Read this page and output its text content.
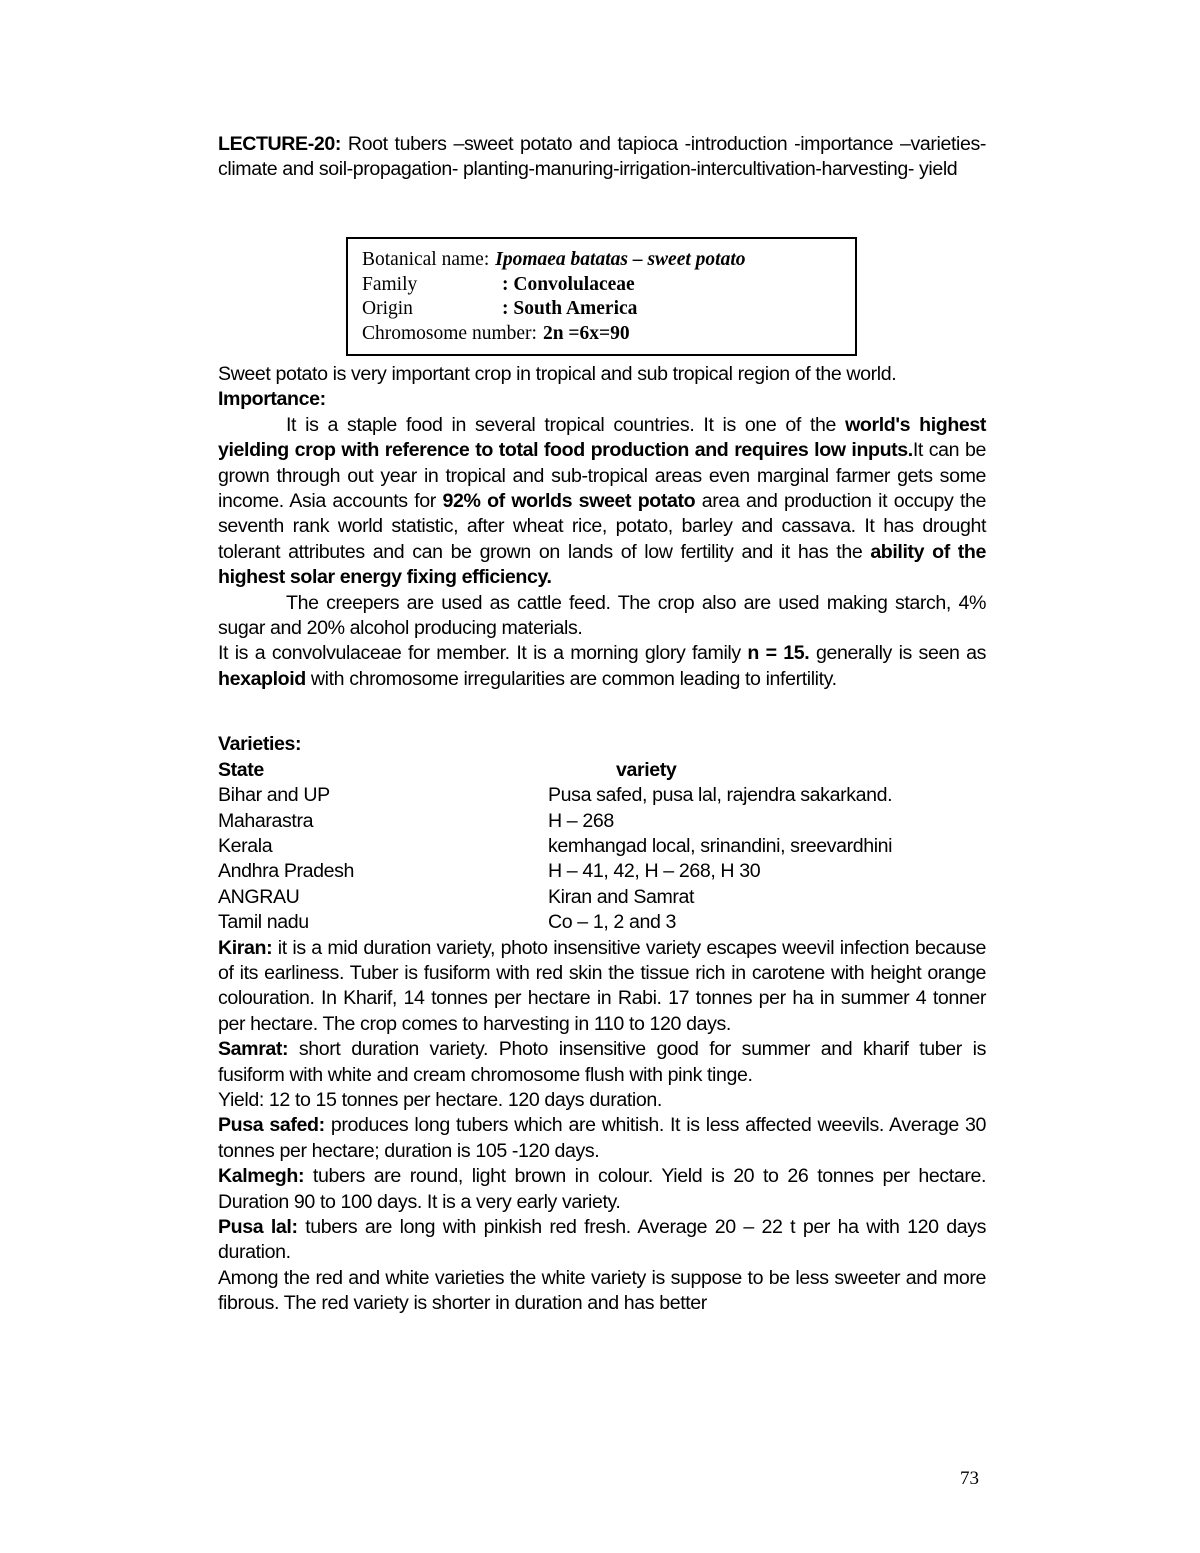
LECTURE-20: Root tubers –sweet potato and tapioca -introduction -importance –varieties-climate and soil-propagation- planting-manuring-irrigation-intercultivation-harvesting- yield

Botanical name: Ipomaea batatas – sweet potato
Family	: Convolulaceae
Origin	: South America
Chromosome number: 2n =6x=90

Sweet potato is very important crop in tropical and sub tropical region of the world.

Importance:

It is a staple food in several tropical countries. It is one of the world's highest yielding crop with reference to total food production and requires low inputs.It can be grown through out year in tropical and sub-tropical areas even marginal farmer gets some income. Asia accounts for 92% of worlds sweet potato area and production it occupy the seventh rank world statistic, after wheat rice, potato, barley and cassava. It has drought tolerant attributes and can be grown on lands of low fertility and it has the ability of the highest solar energy fixing efficiency.

The creepers are used as cattle feed. The crop also are used making starch, 4% sugar and 20% alcohol producing materials.

It is a convolvulaceae for member. It is a morning glory family n = 15. generally is seen as hexaploid with chromosome irregularities are common leading to infertility.

Varieties:

State	variety
Bihar and UP	Pusa safed, pusa lal, rajendra sakarkand.
Maharastra	H – 268
Kerala	kemhangad local, srinandini, sreevardhini
Andhra Pradesh	H – 41, 42, H – 268, H 30
ANGRAU	Kiran and Samrat
Tamil nadu	Co – 1, 2 and 3

Kiran: it is a mid duration variety, photo insensitive variety escapes weevil infection because of its earliness. Tuber is fusiform with red skin the tissue rich in carotene with height orange colouration. In Kharif, 14 tonnes per hectare in Rabi. 17 tonnes per ha in summer 4 tonner per hectare. The crop comes to harvesting in 110 to 120 days.

Samrat: short duration variety. Photo insensitive good for summer and kharif tuber is fusiform with white and cream chromosome flush with pink tinge.

Yield: 12 to 15 tonnes per hectare. 120 days duration.

Pusa safed: produces long tubers which are whitish. It is less affected weevils. Average 30 tonnes per hectare; duration is 105 -120 days.

Kalmegh: tubers are round, light brown in colour. Yield is 20 to 26 tonnes per hectare. Duration 90 to 100 days. It is a very early variety.

Pusa lal: tubers are long with pinkish red fresh. Average 20 – 22 t per ha with 120 days duration.

Among the red and white varieties the white variety is suppose to be less sweeter and more fibrous. The red variety is shorter in duration and has better

73
